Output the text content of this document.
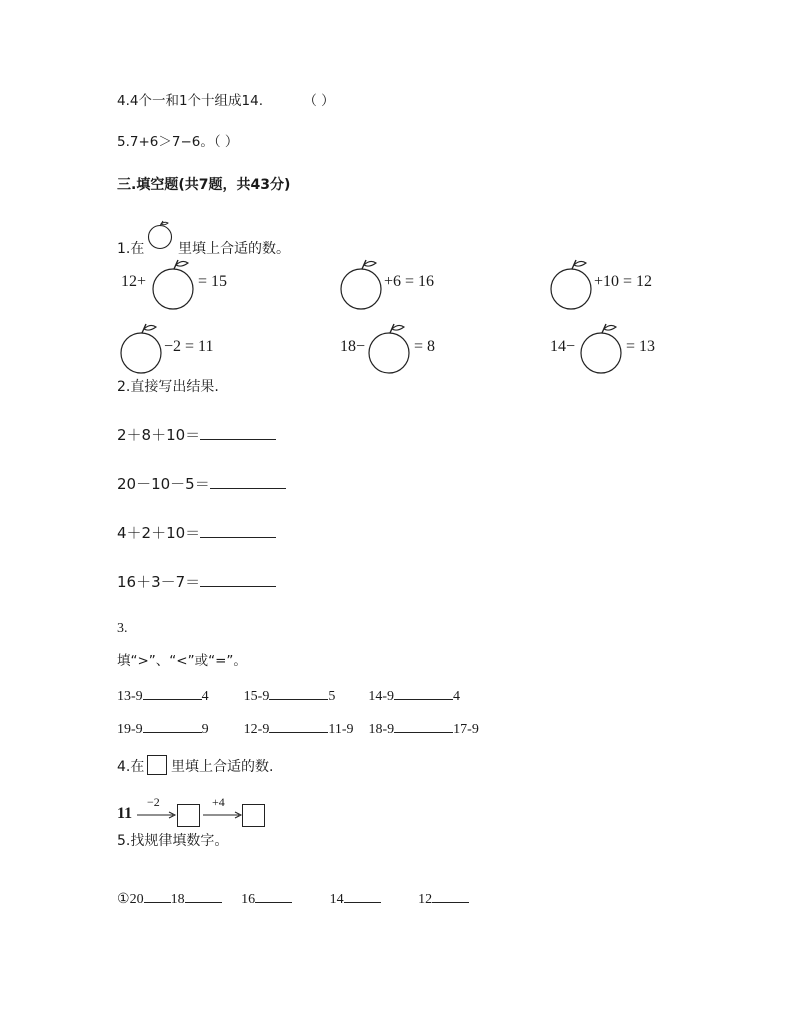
4.4个一和1个十组成14.	（ ）
5.7+6＞7−6。（ ）
三.填空题(共7题，共43分)
1.在 里填上合适的数。
12+	= 15	+6 = 16	+10 = 12
−2 = 11	18−	= 8	14−	= 13
2.直接写出结果.
2＋8＋10＝
20－10－5＝
4＋2＋10＝
16＋3－7＝
3.
填“>”、“<”或“=”。
13-9	4	15-9	5 14-9	4
19-9	9	12-9	11-9 18-9	17-9
4.在 里填上合适的数.
11
−2	+4
5.找规律填数字。
①20 18	16	14	12
